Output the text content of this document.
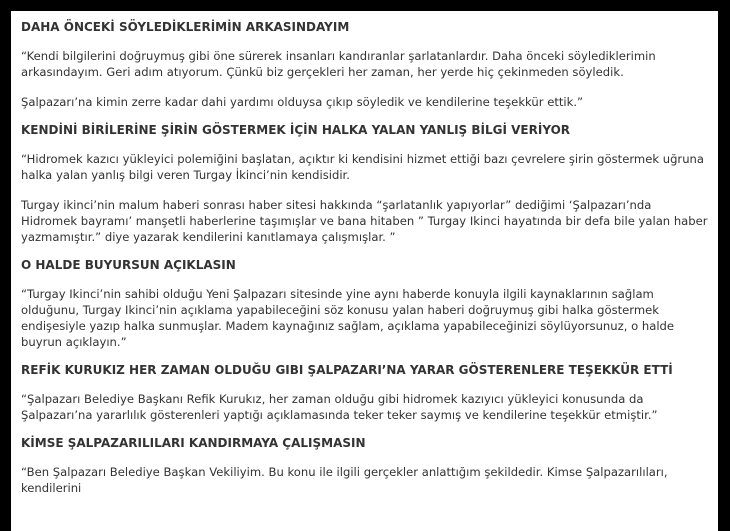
DAHA ÖNCEKİ SÖYLEDİKLERİMİN ARKASINDAYIM

“Kendi bilgilerini doğruymuş gibi öne sürerek insanları kandıranlar şarlatanlardır. Daha önceki söylediklerimin arkasındayım. Geri adım atıyorum. Çünkü biz gerçekleri her zaman, her yerde hiç çekinmeden söyledik.

Şalpazarı’na kimin zerre kadar dahi yardımı olduysa çıkıp söyledik ve kendilerine teşekkür ettik.”

KENDİNİ BİRİLERİNE ŞİRİN GÖSTERMEK İÇİN HALKA YALAN YANLIŞ BİLGİ VERİYOR

“Hidromek kazıcı yükleyici polemiğini başlatan, açıktır ki kendisini hizmet ettiği bazı çevrelere şirin göstermek uğruna halka yalan yanlış bilgi veren Turgay İkinci’nin kendisidir.

Turgay ikinci’nin malum haberi sonrası haber sitesi hakkında “şarlatanlık yapıyorlar” dediğimi ‘Şalpazarı’nda Hidromek bayramı’ manşetli haberlerine taşımışlar ve bana hitaben ” Turgay Ikinci hayatında bir defa bile yalan haber yazmamıştır.” diye yazarak kendilerini kanıtlamaya çalışmışlar. ”

O HALDE BUYURSUN AÇIKLASIN

“Turgay Ikinci’nin sahibi olduğu Yeni Şalpazarı sitesinde yine aynı haberde konuyla ilgili kaynaklarının sağlam olduğunu, Turgay Ikinci’nin açıklama yapabileceğini söz konusu yalan haberi doğruymuş gibi halka göstermek endişesiyle yazıp halka sunmuşlar. Madem kaynağınız sağlam, açıklama yapabileceğinizi söylüyorsunuz, o halde buyrun açıklayın.”

REFİK KURUKIZ HER ZAMAN OLDUĞU GIBI ŞALPAZARI’NA YARAR GÖSTERENLERE TEŞEKKÜR ETTİ

“Şalpazarı Belediye Başkanı Refik Kurukız, her zaman olduğu gibi hidromek kazıyıcı yükleyici konusunda da Şalpazarı’na yararlılık gösterenleri yaptığı açıklamasında teker teker saymış ve kendilerine teşekkür etmiştir.”

KİMSE ŞALPAZARILILARI KANDIRMAYA ÇALIŞMASIN

“Ben Şalpazarı Belediye Başkan Vekiliyim. Bu konu ile ilgili gerçekler anlattığım şekildedir. Kimse Şalpazarılıları, kendilerini
